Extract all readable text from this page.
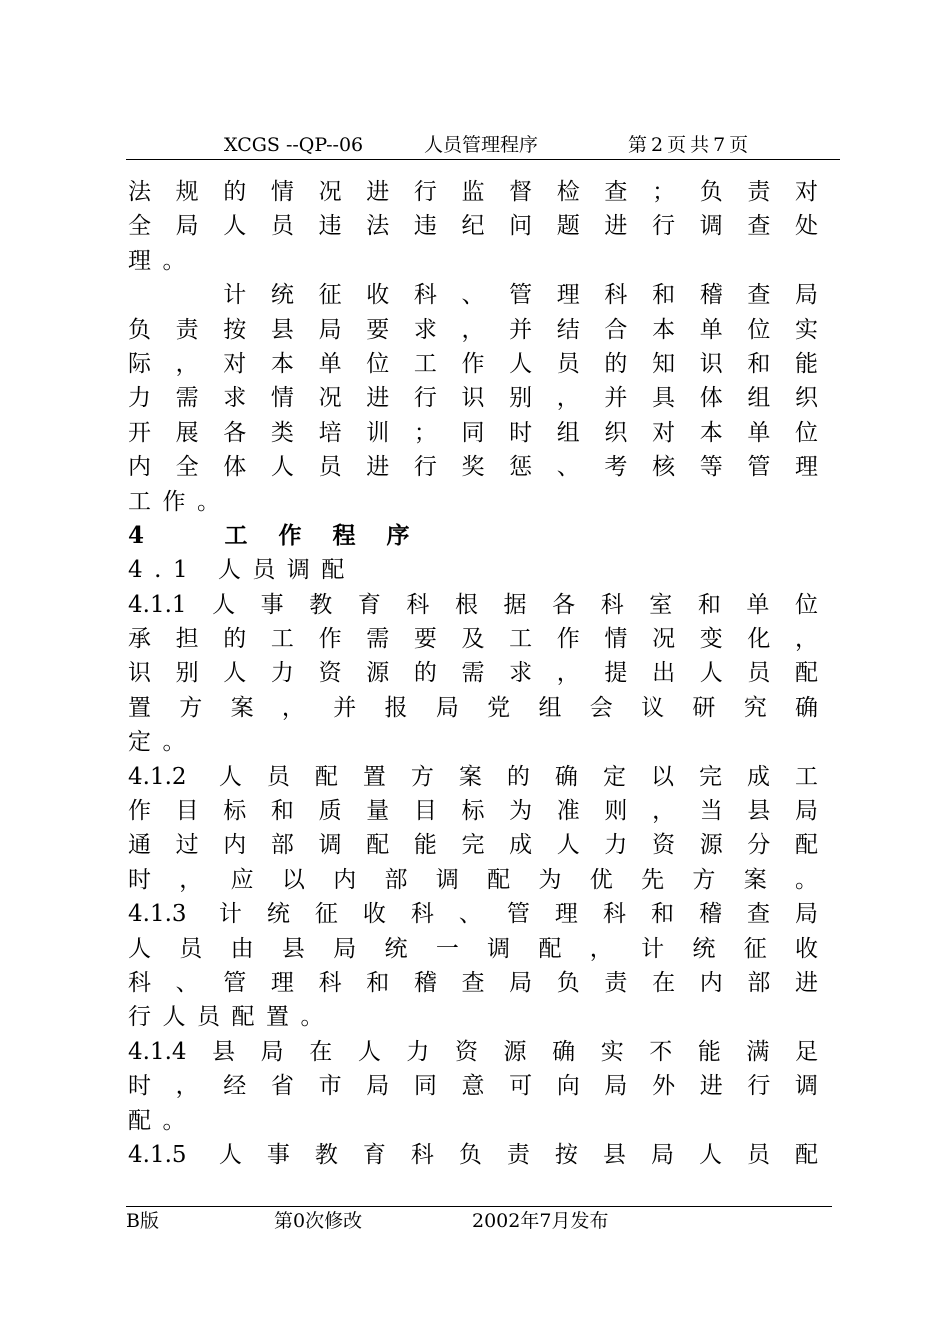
XCGS --QP--06	人员管理程序	第2页共7页
法规的情况进行监督检查；负责对
全局人员违法违纪问题进行调查处
理。
　　计统征收科、管理科和稽查局
负责按县局要求，并结合本单位实
际，对本单位工作人员的知识和能
力需求情况进行识别，并具体组织
开展各类培训；同时组织对本单位
内全体人员进行奖惩、考核等管理
工作。
4　　工 作 程 序
4.1 人员调配
4.1.1人事教育科根据各科室和单位
承担的工作需要及工作情况变化，
识别人力资源的需求，提出人员配
置方案，并报局党组会议研究确
定。
4.1.2 人员配置方案的确定以完成工
作目标和质量目标为准则，当县局
通过内部调配能完成人力资源分配
时，应以内部调配为优先方案。
4.1.3 计统征收科、管理科和稽查局
人员由县局统一调配，计统征收
科、管理科和稽查局负责在内部进
行人员配置。
4.1.4县局在人力资源确实不能满足
时，经省市局同意可向局外进行调
配。
4.1.5 人事教育科负责按县局人员配
B版	第0次修改	2002年7月发布
